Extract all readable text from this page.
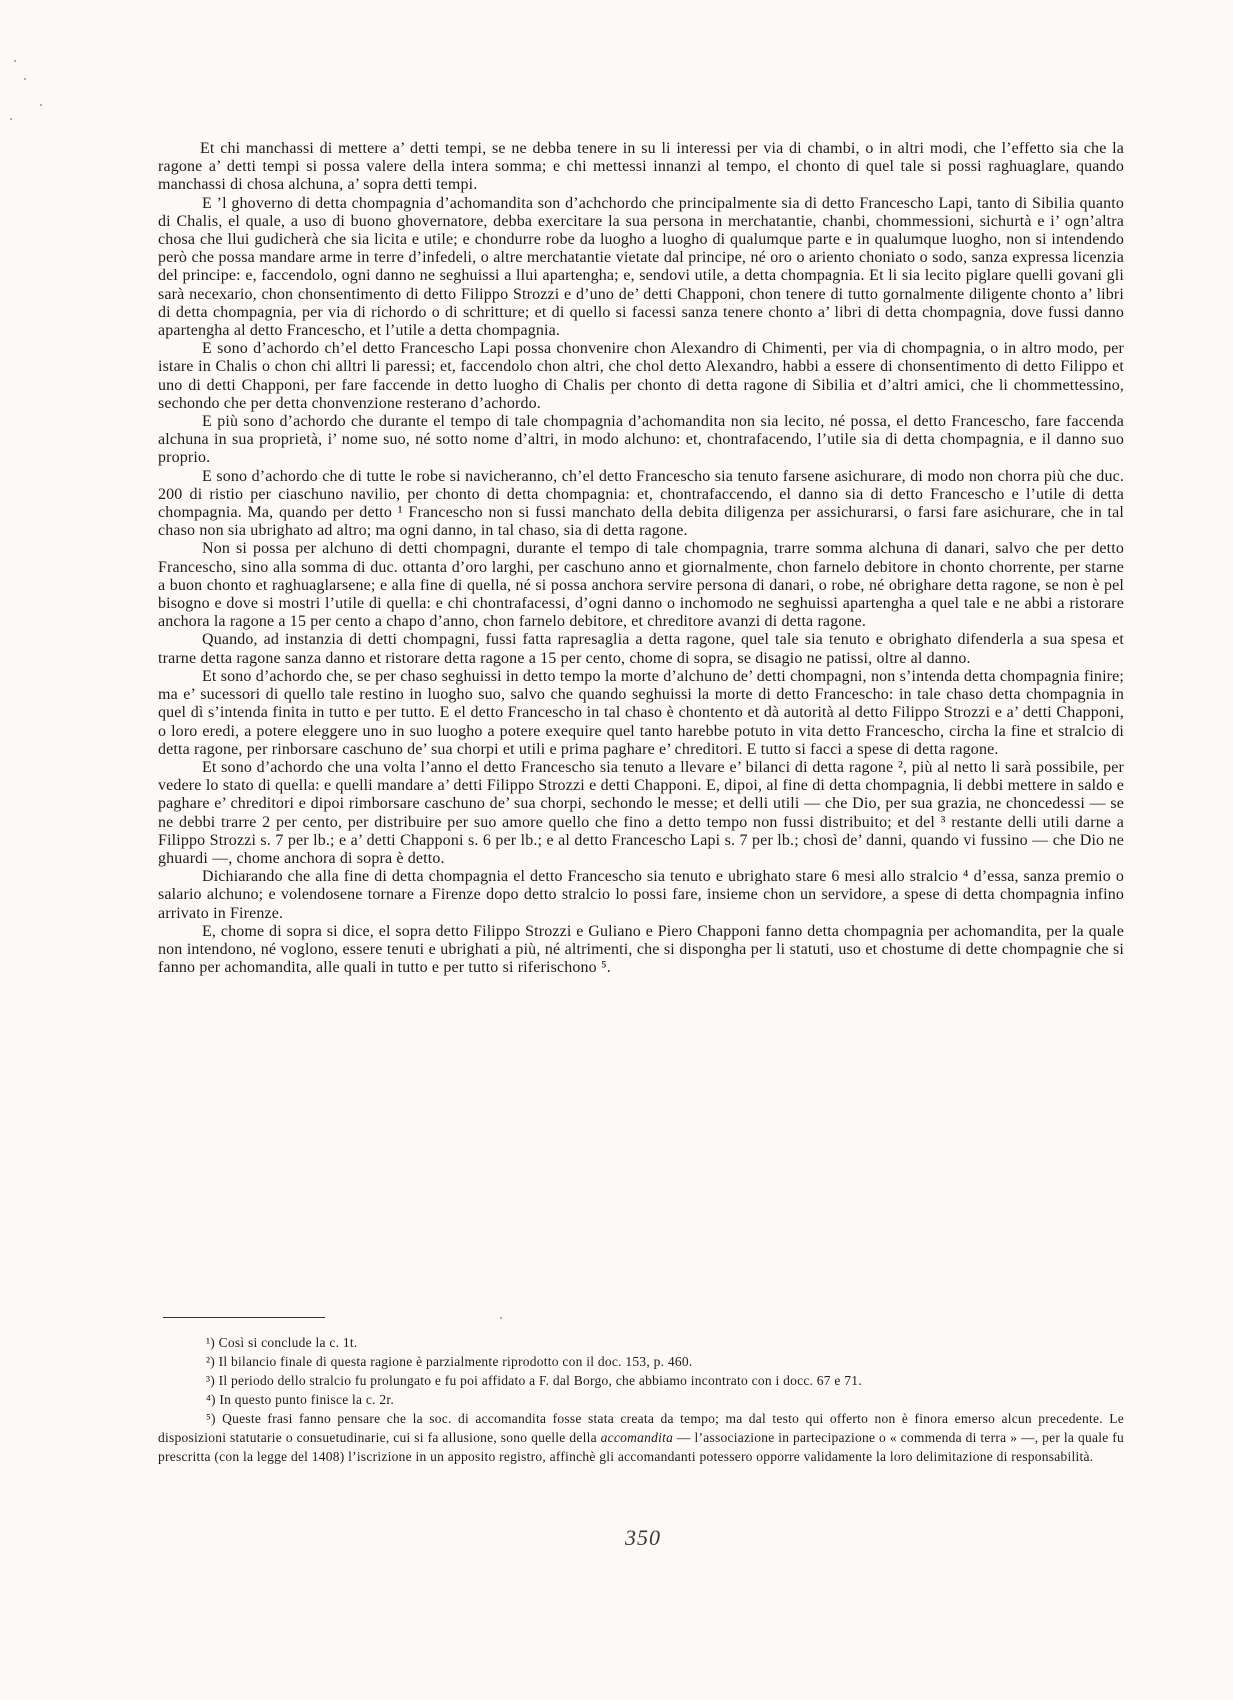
Et chi manchassi di mettere a’ detti tempi, se ne debba tenere in su li interessi per via di chambi, o in altri modi, che l’effetto sia che la ragone a’ detti tempi si possa valere della intera somma; e chi mettessi innanzi al tempo, el chonto di quel tale si possi raghuaglare, quando manchassi di chosa alchuna, a’ sopra detti tempi.

E ’l ghoverno di detta chompagnia d’achomandita son d’achchordo che principalmente sia di detto Francescho Lapi, tanto di Sibilia quanto di Chalis, el quale, a uso di buono ghovernatore, debba exercitare la sua persona in merchatantie, chanbi, chommessioni, sichurtà e i’ ogn’altra chosa che llui gudicherà che sia licita e utile; e chondurre robe da luogho a luogho di qualumque parte e in qualumque luogho, non si intendendo però che possa mandare arme in terre d’infedeli, o altre merchatantie vietate dal principe, né oro o ariento choniato o sodo, sanza expressa licenzia del principe: e, faccendolo, ogni danno ne seghuissi a llui apartengha; e, sendovi utile, a detta chompagnia. Et li sia lecito piglare quelli govani gli sarà necexario, chon chonsentimento di detto Filippo Strozzi e d’uno de’ detti Chapponi, chon tenere di tutto gornalmente diligente chonto a’ libri di detta chompagnia, per via di richordo o di schritture; et di quello si facessi sanza tenere chonto a’ libri di detta chompagnia, dove fussi danno apartengha al detto Francescho, et l’utile a detta chompagnia.

E sono d’achordo ch’el detto Francescho Lapi possa chonvenire chon Alexandro di Chimenti, per via di chompagnia, o in altro modo, per istare in Chalis o chon chi alltri li paressi; et, faccendolo chon altri, che chol detto Alexandro, habbi a essere di chonsentimento di detto Filippo et uno di detti Chapponi, per fare faccende in detto luogho di Chalis per chonto di detta ragone di Sibilia et d’altri amici, che li chommettessino, sechondo che per detta chonvenzione resterano d’achordo.

E più sono d’achordo che durante el tempo di tale chompagnia d’achomandita non sia lecito, né possa, el detto Francescho, fare faccenda alchuna in sua proprietà, i’ nome suo, né sotto nome d’altri, in modo alchuno: et, chontrafacendo, l’utile sia di detta chompagnia, e il danno suo proprio.

E sono d’achordo che di tutte le robe si navicheranno, ch’el detto Francescho sia tenuto farsene asichurare, di modo non chorra più che duc. 200 di ristio per ciaschuno navilio, per chonto di detta chompagnia: et, chontrafaccendo, el danno sia di detto Francescho e l’utile di detta chompagnia. Ma, quando per detto ¹ Francescho non si fussi manchato della debita diligenza per assichurarsi, o farsi fare asichurare, che in tal chaso non sia ubrighato ad altro; ma ogni danno, in tal chaso, sia di detta ragone.

Non si possa per alchuno di detti chompagni, durante el tempo di tale chompagnia, trarre somma alchuna di danari, salvo che per detto Francescho, sino alla somma di duc. ottanta d’oro larghi, per caschuno anno et giornalmente, chon farnelo debitore in chonto chorrente, per starne a buon chonto et raghuaglarsene; e alla fine di quella, né si possa anchora servire persona di danari, o robe, né obrighare detta ragone, se non è pel bisogno e dove si mostri l’utile di quella: e chi chontrafacessi, d’ogni danno o inchomodo ne seghuissi apartengha a quel tale e ne abbi a ristorare anchora la ragone a 15 per cento a chapo d’anno, chon farnelo debitore, et chreditore avanzi di detta ragone.

Quando, ad instanzia di detti chompagni, fussi fatta rapresaglia a detta ragone, quel tale sia tenuto e obrighato difenderla a sua spesa et trarne detta ragone sanza danno et ristorare detta ragone a 15 per cento, chome di sopra, se disagio ne patissi, oltre al danno.

Et sono d’achordo che, se per chaso seghuissi in detto tempo la morte d’alchuno de’ detti chompagni, non s’intenda detta chompagnia finire; ma e’ sucessori di quello tale restino in luogho suo, salvo che quando seghuissi la morte di detto Francescho: in tale chaso detta chompagnia in quel dì s’intenda finita in tutto e per tutto. E el detto Francescho in tal chaso è chontento et dà autorità al detto Filippo Strozzi e a’ detti Chapponi, o loro eredi, a potere eleggere uno in suo luogho a potere exequire quel tanto harebbe potuto in vita detto Francescho, circha la fine et stralcio di detta ragone, per rinborsare caschuno de’ sua chorpi et utili e prima paghare e’ chreditori. E tutto si facci a spese di detta ragone.

Et sono d’achordo che una volta l’anno el detto Francescho sia tenuto a llevare e’ bilanci di detta ragone ², più al netto li sarà possibile, per vedere lo stato di quella: e quelli mandare a’ detti Filippo Strozzi e detti Chapponi. E, dipoi, al fine di detta chompagnia, li debbi mettere in saldo e paghare e’ chreditori e dipoi rimborsare caschuno de’ sua chorpi, sechondo le messe; et delli utili — che Dio, per sua grazia, ne choncedessi — se ne debbi trarre 2 per cento, per distribuire per suo amore quello che fino a detto tempo non fussi distribuito; et del ³ restante delli utili darne a Filippo Strozzi s. 7 per lb.; e a’ detti Chapponi s. 6 per lb.; e al detto Francescho Lapi s. 7 per lb.; chosì de’ danni, quando vi fussino — che Dio ne ghuardi —, chome anchora di sopra è detto.

Dichiarando che alla fine di detta chompagnia el detto Francescho sia tenuto e ubrighato stare 6 mesi allo stralcio ⁴ d’essa, sanza premio o salario alchuno; e volendosene tornare a Firenze dopo detto stralcio lo possi fare, insieme chon un servidore, a spese di detta chompagnia infino arrivato in Firenze.

E, chome di sopra si dice, el sopra detto Filippo Strozzi e Guliano e Piero Chapponi fanno detta chompagnia per achomandita, per la quale non intendono, né voglono, essere tenuti e ubrighati a più, né altrimenti, che si dispongha per li statuti, uso et chostume di dette chompagnie che si fanno per achomandita, alle quali in tutto e per tutto si riferischono ⁵.

¹) Così si conclude la c. 1t.

²) Il bilancio finale di questa ragione è parzialmente riprodotto con il doc. 153, p. 460.

³) Il periodo dello stralcio fu prolungato e fu poi affidato a F. dal Borgo, che abbiamo incontrato con i docc. 67 e 71.

⁴) In questo punto finisce la c. 2r.

⁵) Queste frasi fanno pensare che la soc. di accomandita fosse stata creata da tempo; ma dal testo qui offerto non è finora emerso alcun precedente. Le disposizioni statutarie o consuetudinarie, cui si fa allusione, sono quelle della accomandita — l’associazione in partecipazione o « commenda di terra » —, per la quale fu prescritta (con la legge del 1408) l’iscrizione in un apposito registro, affinchè gli accomandanti potessero opporre validamente la loro delimitazione di responsabilità.

350
